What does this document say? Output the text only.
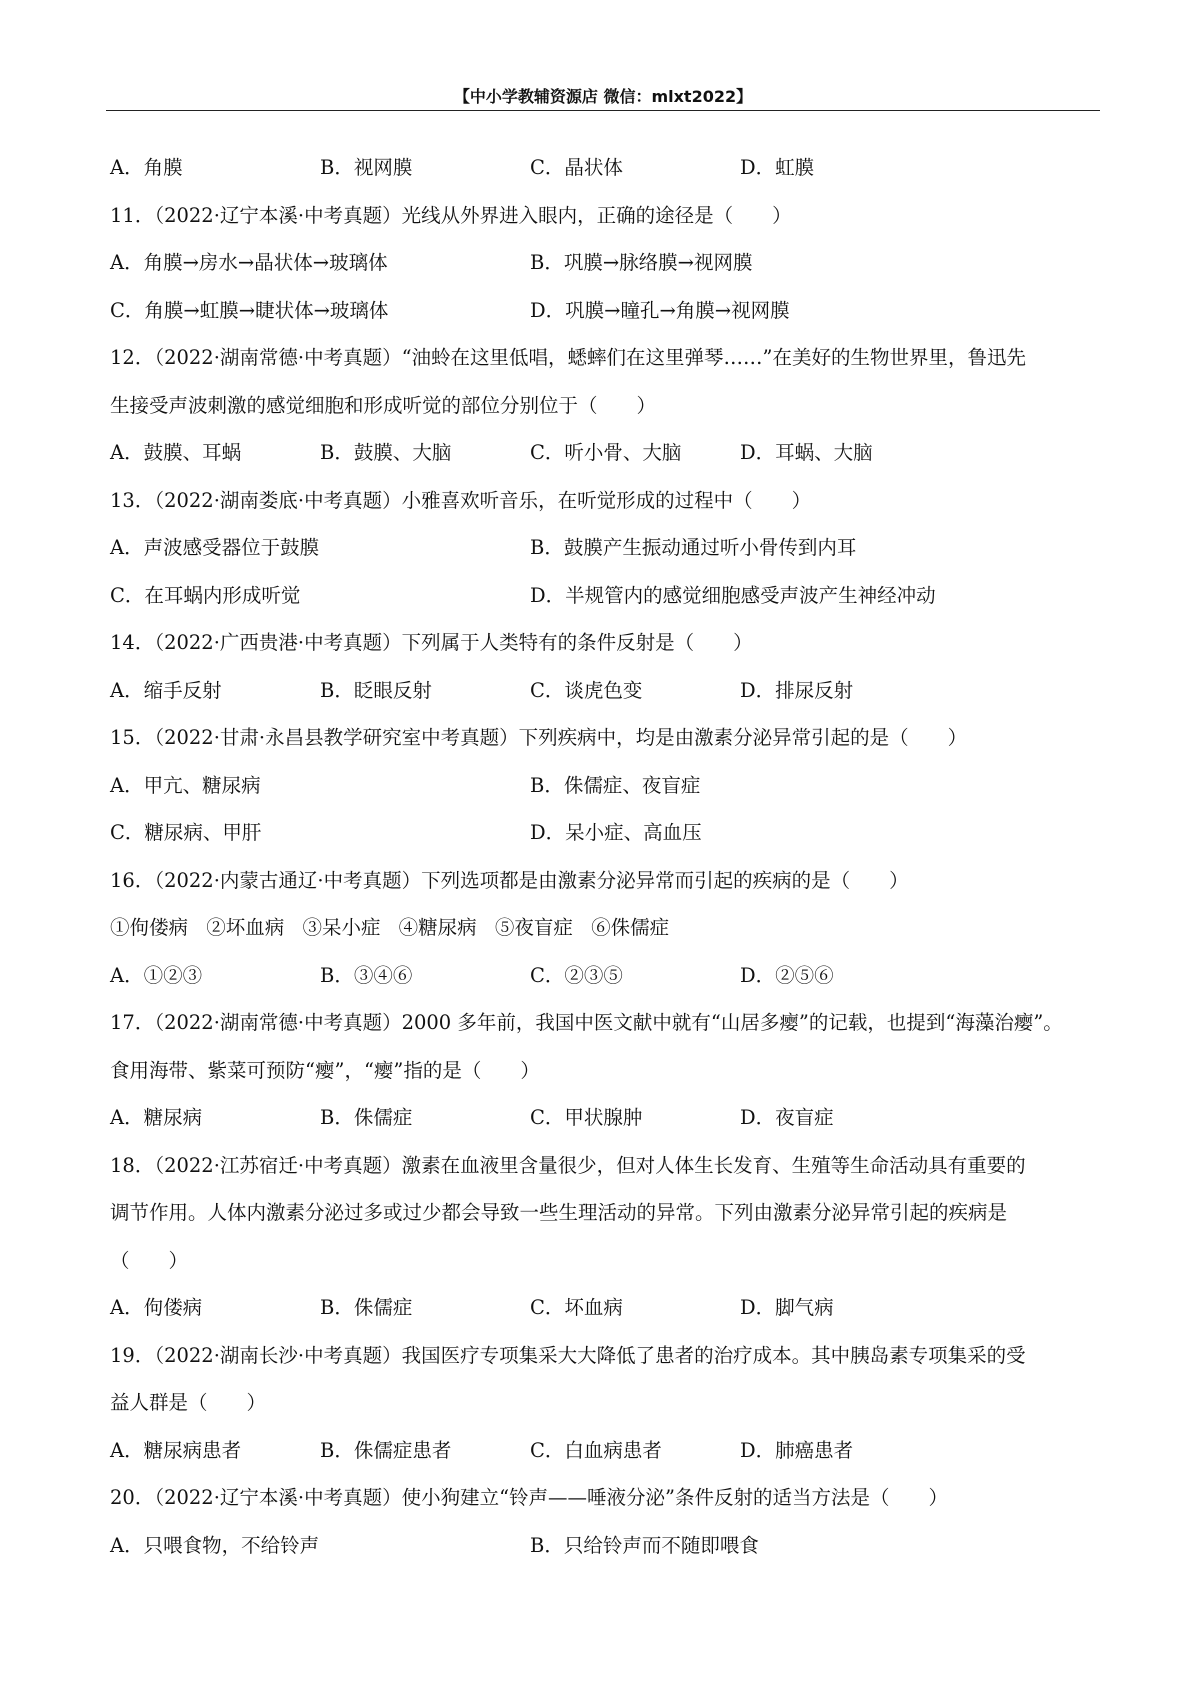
【中小学教辅资源店 微信：mlxt2022】
A．角膜	B．视网膜	C．晶状体	D．虹膜
11．（2022·辽宁本溪·中考真题）光线从外界进入眼内，正确的途径是（　　）
A．角膜→房水→晶状体→玻璃体	B．巩膜→脉络膜→视网膜
C．角膜→虹膜→睫状体→玻璃体	D．巩膜→瞳孔→角膜→视网膜
12．（2022·湖南常德·中考真题）“油蛉在这里低唱，蟋蟀们在这里弹琴……”在美好的生物世界里，鲁迅先
生接受声波刺激的感觉细胞和形成听觉的部位分别位于（　　）
A．鼓膜、耳蜗	B．鼓膜、大脑	C．听小骨、大脑	D．耳蜗、大脑
13．（2022·湖南娄底·中考真题）小雅喜欢听音乐，在听觉形成的过程中（　　）
A．声波感受器位于鼓膜	B．鼓膜产生振动通过听小骨传到内耳
C．在耳蜗内形成听觉	D．半规管内的感觉细胞感受声波产生神经冲动
14．（2022·广西贵港·中考真题）下列属于人类特有的条件反射是（　　）
A．缩手反射	B．眨眼反射	C．谈虎色变	D．排尿反射
15．（2022·甘肃·永昌县教学研究室中考真题）下列疾病中，均是由激素分泌异常引起的是（　　）
A．甲亢、糖尿病	B．侏儒症、夜盲症
C．糖尿病、甲肝	D．呆小症、高血压
16．（2022·内蒙古通辽·中考真题）下列选项都是由激素分泌异常而引起的疾病的是（　　）
①佝偻病 ②坏血病 ③呆小症 ④糖尿病 ⑤夜盲症 ⑥侏儒症
A．①②③	B．③④⑥	C．②③⑤	D．②⑤⑥
17．（2022·湖南常德·中考真题）2000 多年前，我国中医文献中就有“山居多瘿”的记载，也提到“海藻治瘿”。
食用海带、紫菜可预防“瘿”，“瘿”指的是（　　）
A．糖尿病	B．侏儒症	C．甲状腺肿	D．夜盲症
18．（2022·江苏宿迁·中考真题）激素在血液里含量很少，但对人体生长发育、生殖等生命活动具有重要的
调节作用。人体内激素分泌过多或过少都会导致一些生理活动的异常。下列由激素分泌异常引起的疾病是
（　　）
A．佝偻病	B．侏儒症	C．坏血病	D．脚气病
19．（2022·湖南长沙·中考真题）我国医疗专项集采大大降低了患者的治疗成本。其中胰岛素专项集采的受
益人群是（　　）
A．糖尿病患者	B．侏儒症患者	C．白血病患者	D．肺癌患者
20．（2022·辽宁本溪·中考真题）使小狗建立“铃声——唾液分泌”条件反射的适当方法是（　　）
A．只喂食物，不给铃声	B．只给铃声而不随即喂食
